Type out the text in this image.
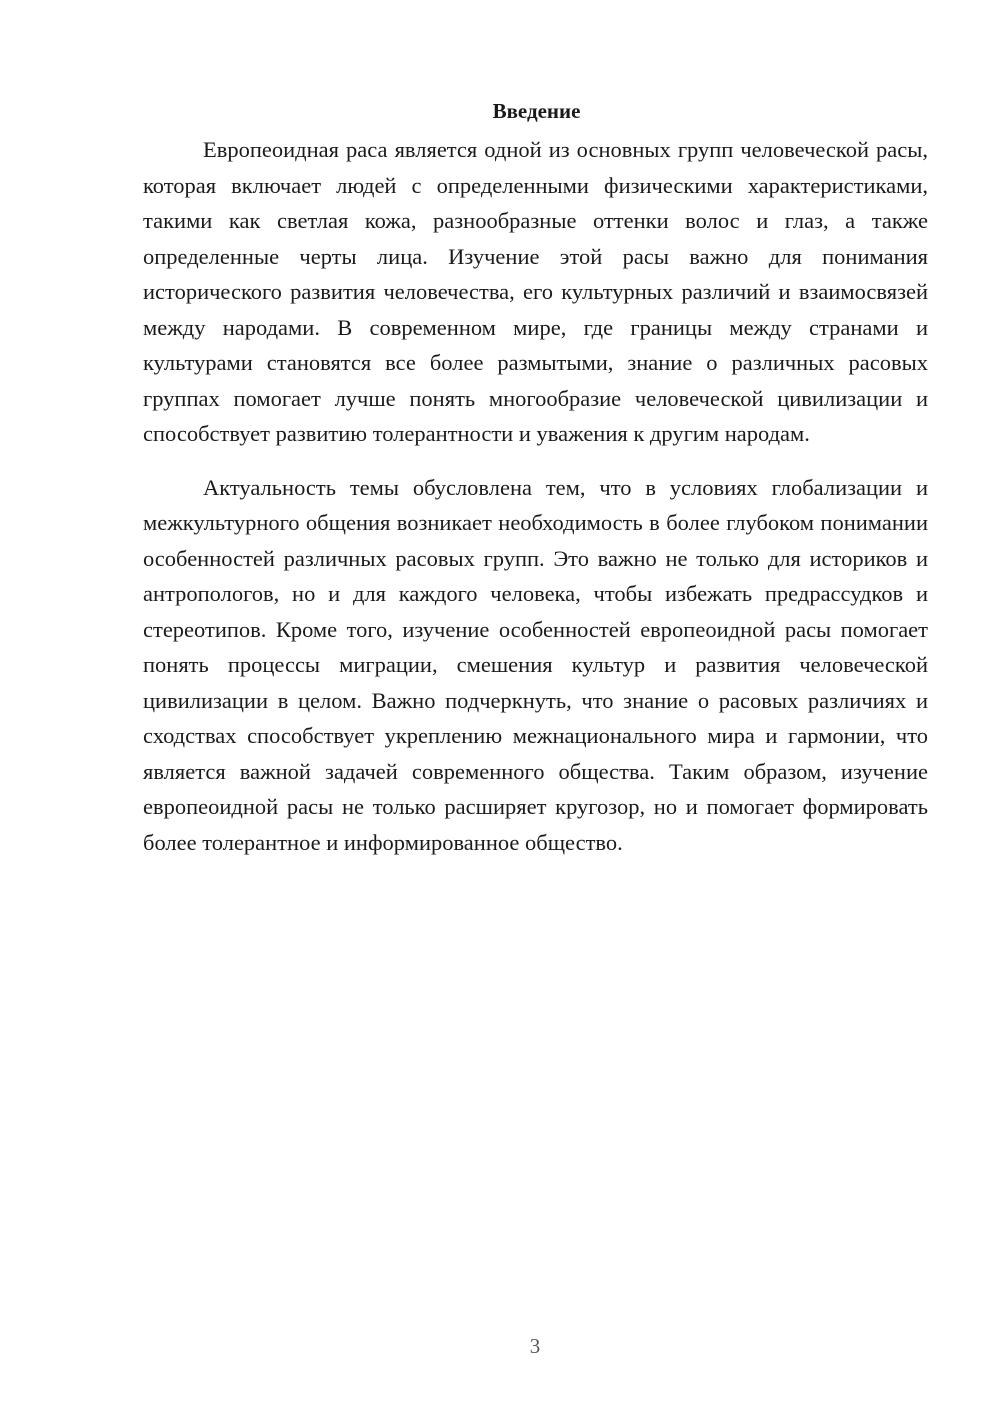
Введение

Европеоидная раса является одной из основных групп человеческой расы, которая включает людей с определенными физическими характеристиками, такими как светлая кожа, разнообразные оттенки волос и глаз, а также определенные черты лица. Изучение этой расы важно для понимания исторического развития человечества, его культурных различий и взаимосвязей между народами. В современном мире, где границы между странами и культурами становятся все более размытыми, знание о различных расовых группах помогает лучше понять многообразие человеческой цивилизации и способствует развитию толерантности и уважения к другим народам.

Актуальность темы обусловлена тем, что в условиях глобализации и межкультурного общения возникает необходимость в более глубоком понимании особенностей различных расовых групп. Это важно не только для историков и антропологов, но и для каждого человека, чтобы избежать предрассудков и стереотипов. Кроме того, изучение особенностей европеоидной расы помогает понять процессы миграции, смешения культур и развития человеческой цивилизации в целом. Важно подчеркнуть, что знание о расовых различиях и сходствах способствует укреплению межнационального мира и гармонии, что является важной задачей современного общества. Таким образом, изучение европеоидной расы не только расширяет кругозор, но и помогает формировать более толерантное и информированное общество.

3
